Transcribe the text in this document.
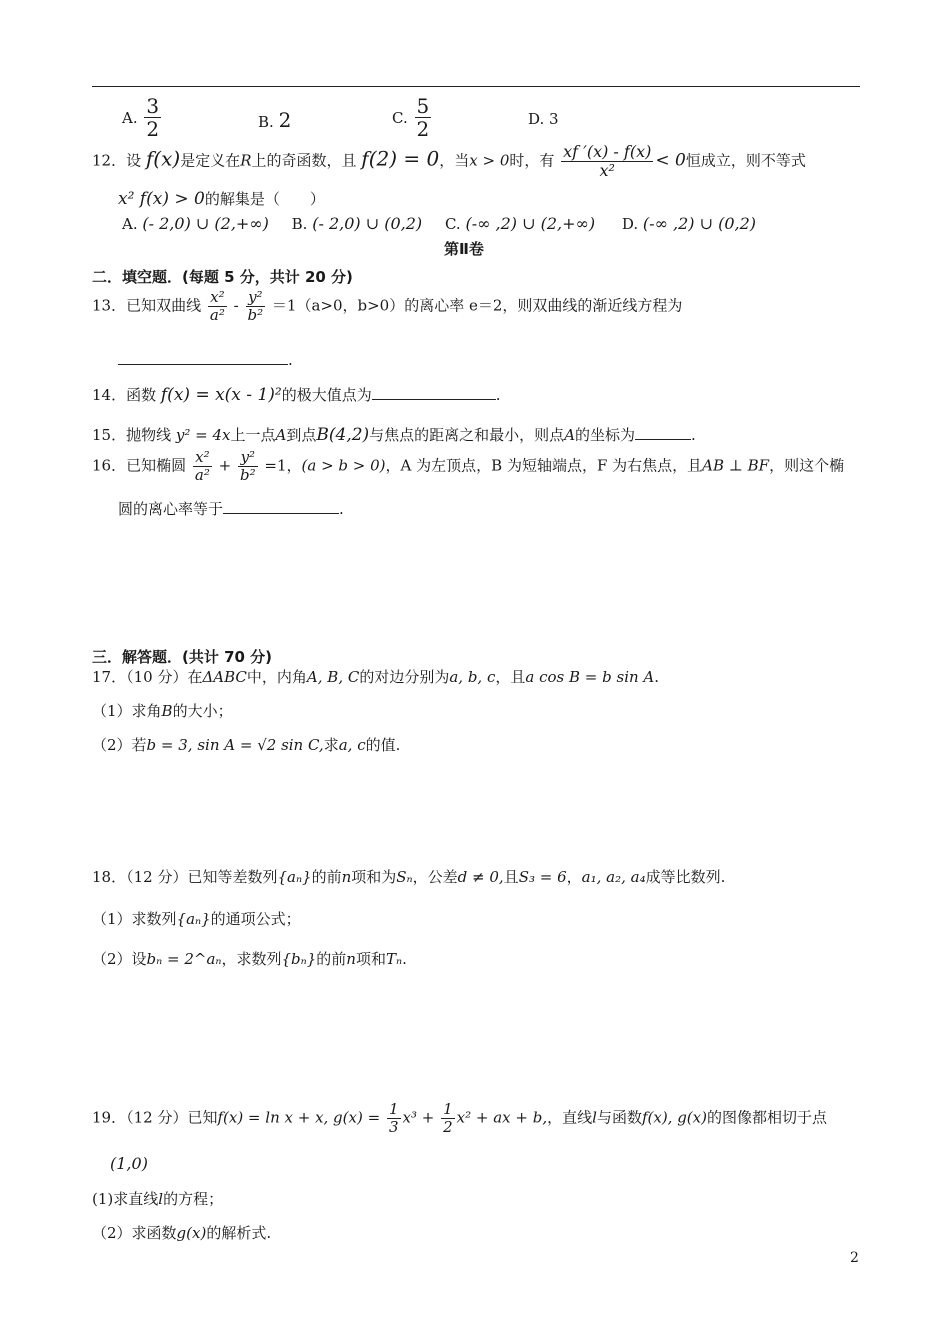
A. $\frac{3}{2}$	B. 2	C. $\frac{5}{2}$	D. 3
12．设 f(x)是定义在R上的奇函数，且 f(2) = 0，当x > 0时，有 $\frac{xf '(x) - f(x)}{\text{x²}} < 0$恒成立，则不等式
x² f(x) > 0的解集是（　　）
A. (- 2,0) ∪ (2,+∞) B. (- 2,0) ∪ (0,2) C. (-∞ ,2) ∪ (2,+∞) D. (-∞ ,2) ∪ (0,2)
第Ⅱ卷
二．填空题．(每题 5 分，共计 20 分)
13．已知双曲线 $\frac{\text{x²}}{\text{a²}} - \frac{\text{y²}}{\text{b²}} =1(a>0$，b>0）的离心率 e＝2，则双曲线的渐近线方程为
.
14．函数 f(x) = x(x - 1)²的极大值点为	.
15．抛物线 y² = 4x上一点A到点B(4,2)与焦点的距离之和最小，则点A的坐标为	.
16．已知椭圆 $\frac{\text{x²}}{\text{a²}} + \frac{\text{y²}}{\text{b²}} =1$，(a > b > 0)，A 为左顶点，B 为短轴端点，F 为右焦点，且AB ⊥ BF，则这个椭
圆的离心率等于	.
三．解答题．(共计 70 分)
17．（10 分）在ΔABC中，内角A, B, C的对边分别为a, b, c，且a cos B = b sin A.
（1）求角B的大小；
（2）若b = 3, sin A = √2 sin C,求a, c的值.
18．（12 分）已知等差数列{aₙ}的前n项和为Sₙ，公差d ≠ 0,且S₃ = 6，a₁, a₂, a₄成等比数列.
（1）求数列{aₙ}的通项公式；
（2）设bₙ = 2^aₙ，求数列{bₙ}的前n项和Tₙ.
19．（12 分）已知f(x) = ln x + x, $g(x) = \frac{1}{3} x^3 + \frac{1}{2} x^2$ + ax + b,，直线l与函数f(x), g(x)的图像都相切于点
(1,0)
(1)求直线l的方程；
（2）求函数g(x)的解析式.
2
